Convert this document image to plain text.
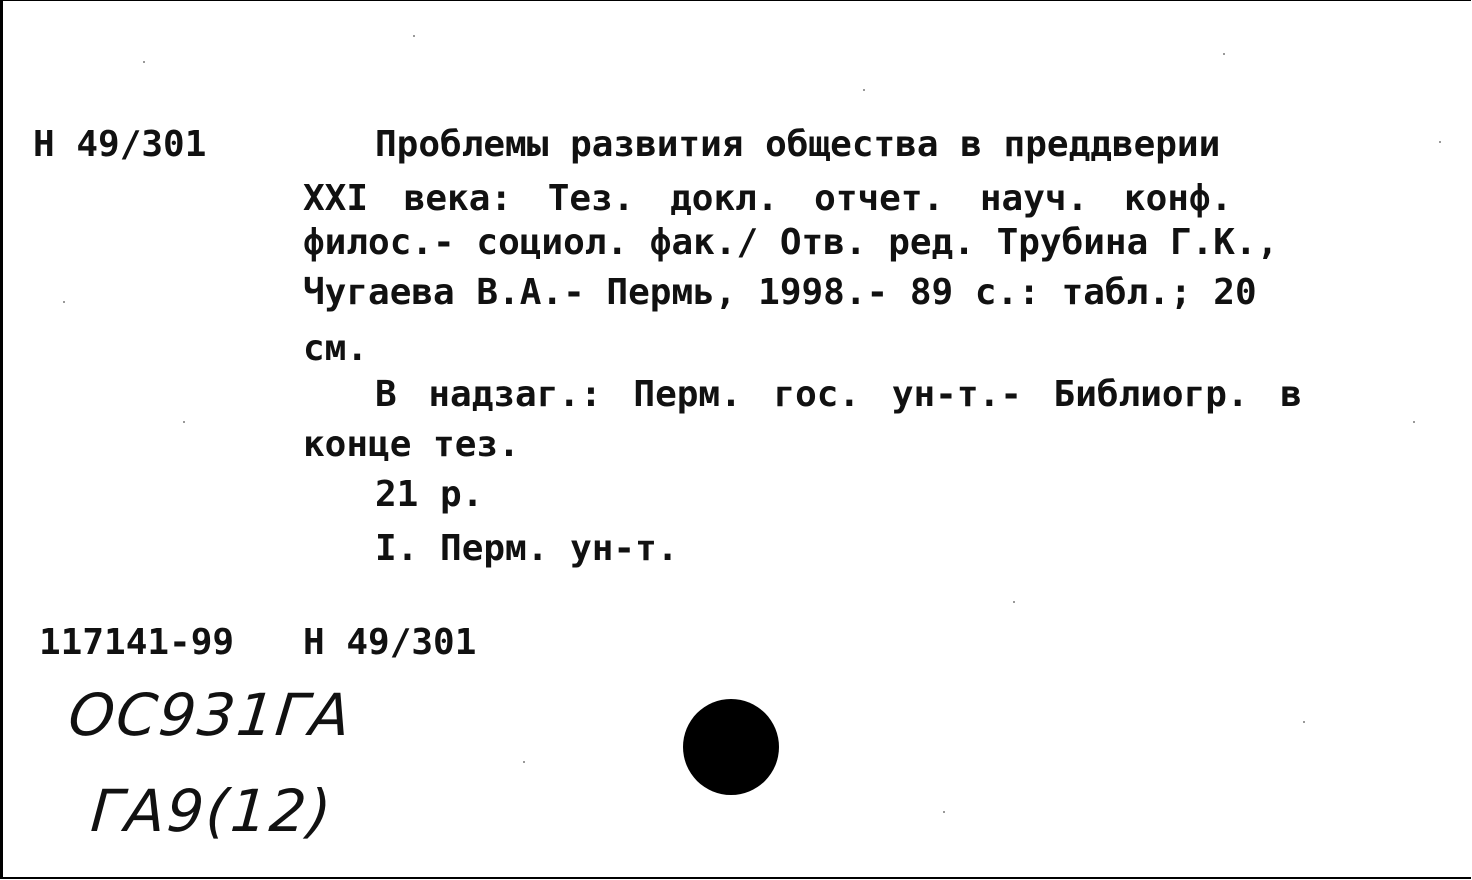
Н 49/301	Проблемы развития общества в преддверии
XXI века: Тез. докл. отчет. науч. конф.
филос.- социол. фак./ Отв. ред. Трубина Г.К.,
Чугаева В.А.- Пермь, 1998.- 89 с.: табл.; 20
см.
В надзаг.: Перм. гос. ун-т.- Библиогр. в
конце тез.
21 р.
I. Перм. ун-т.
117141-99 Н 49/301
ОС931ГА
ГА9(12)
